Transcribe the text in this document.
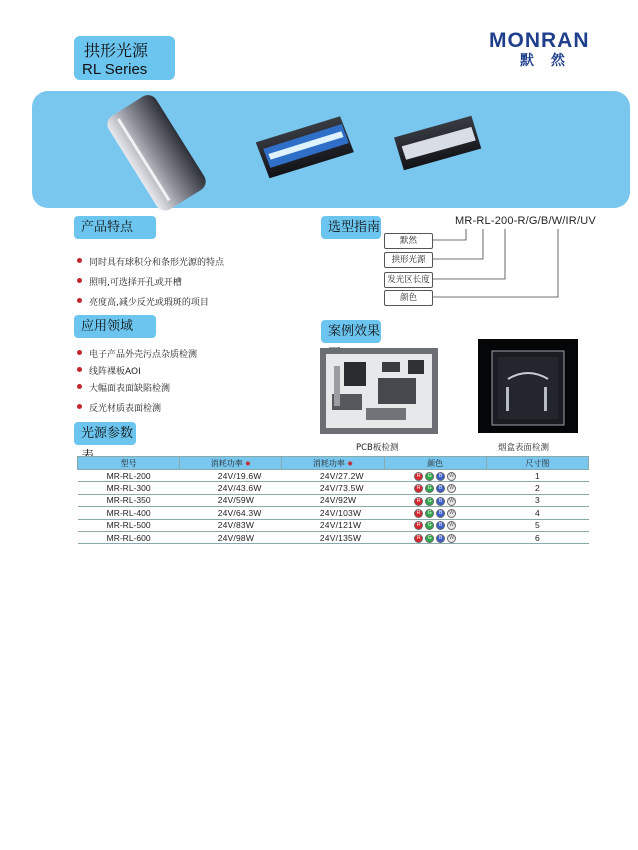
拱形光源
RL Series
MONRAN
默 然
产品特点
同时具有球积分和条形光源的特点
照明,可选择开孔或开槽
亮度高,减少反光或瑕斑的项目
应用领域
电子产品外壳污点杂质检测
线阵裸板AOI
大幅面表面缺陷检测
反光材质表面检测
选型指南	MR-RL-200-R/G/B/W/IR/UV
默然
拱形光源
发光区长度
颜色
案例效果
PCB板检测	烟盒表面检测
光源参数
型号	消耗功率 ✸	消耗功率 ✸	颜色	尺寸图
MR-RL-200	24V/19.6W	24V/27.2W	R G B W	1
MR-RL-300	24V/43.6W	24V/73.5W	R G B W	2
MR-RL-350	24V/59W	24V/92W	R G B W	3
MR-RL-400	24V/64.3W	24V/103W	R G B W	4
MR-RL-500	24V/83W	24V/121W	R G B W	5
MR-RL-600	24V/98W	24V/135W	R G B W	6
